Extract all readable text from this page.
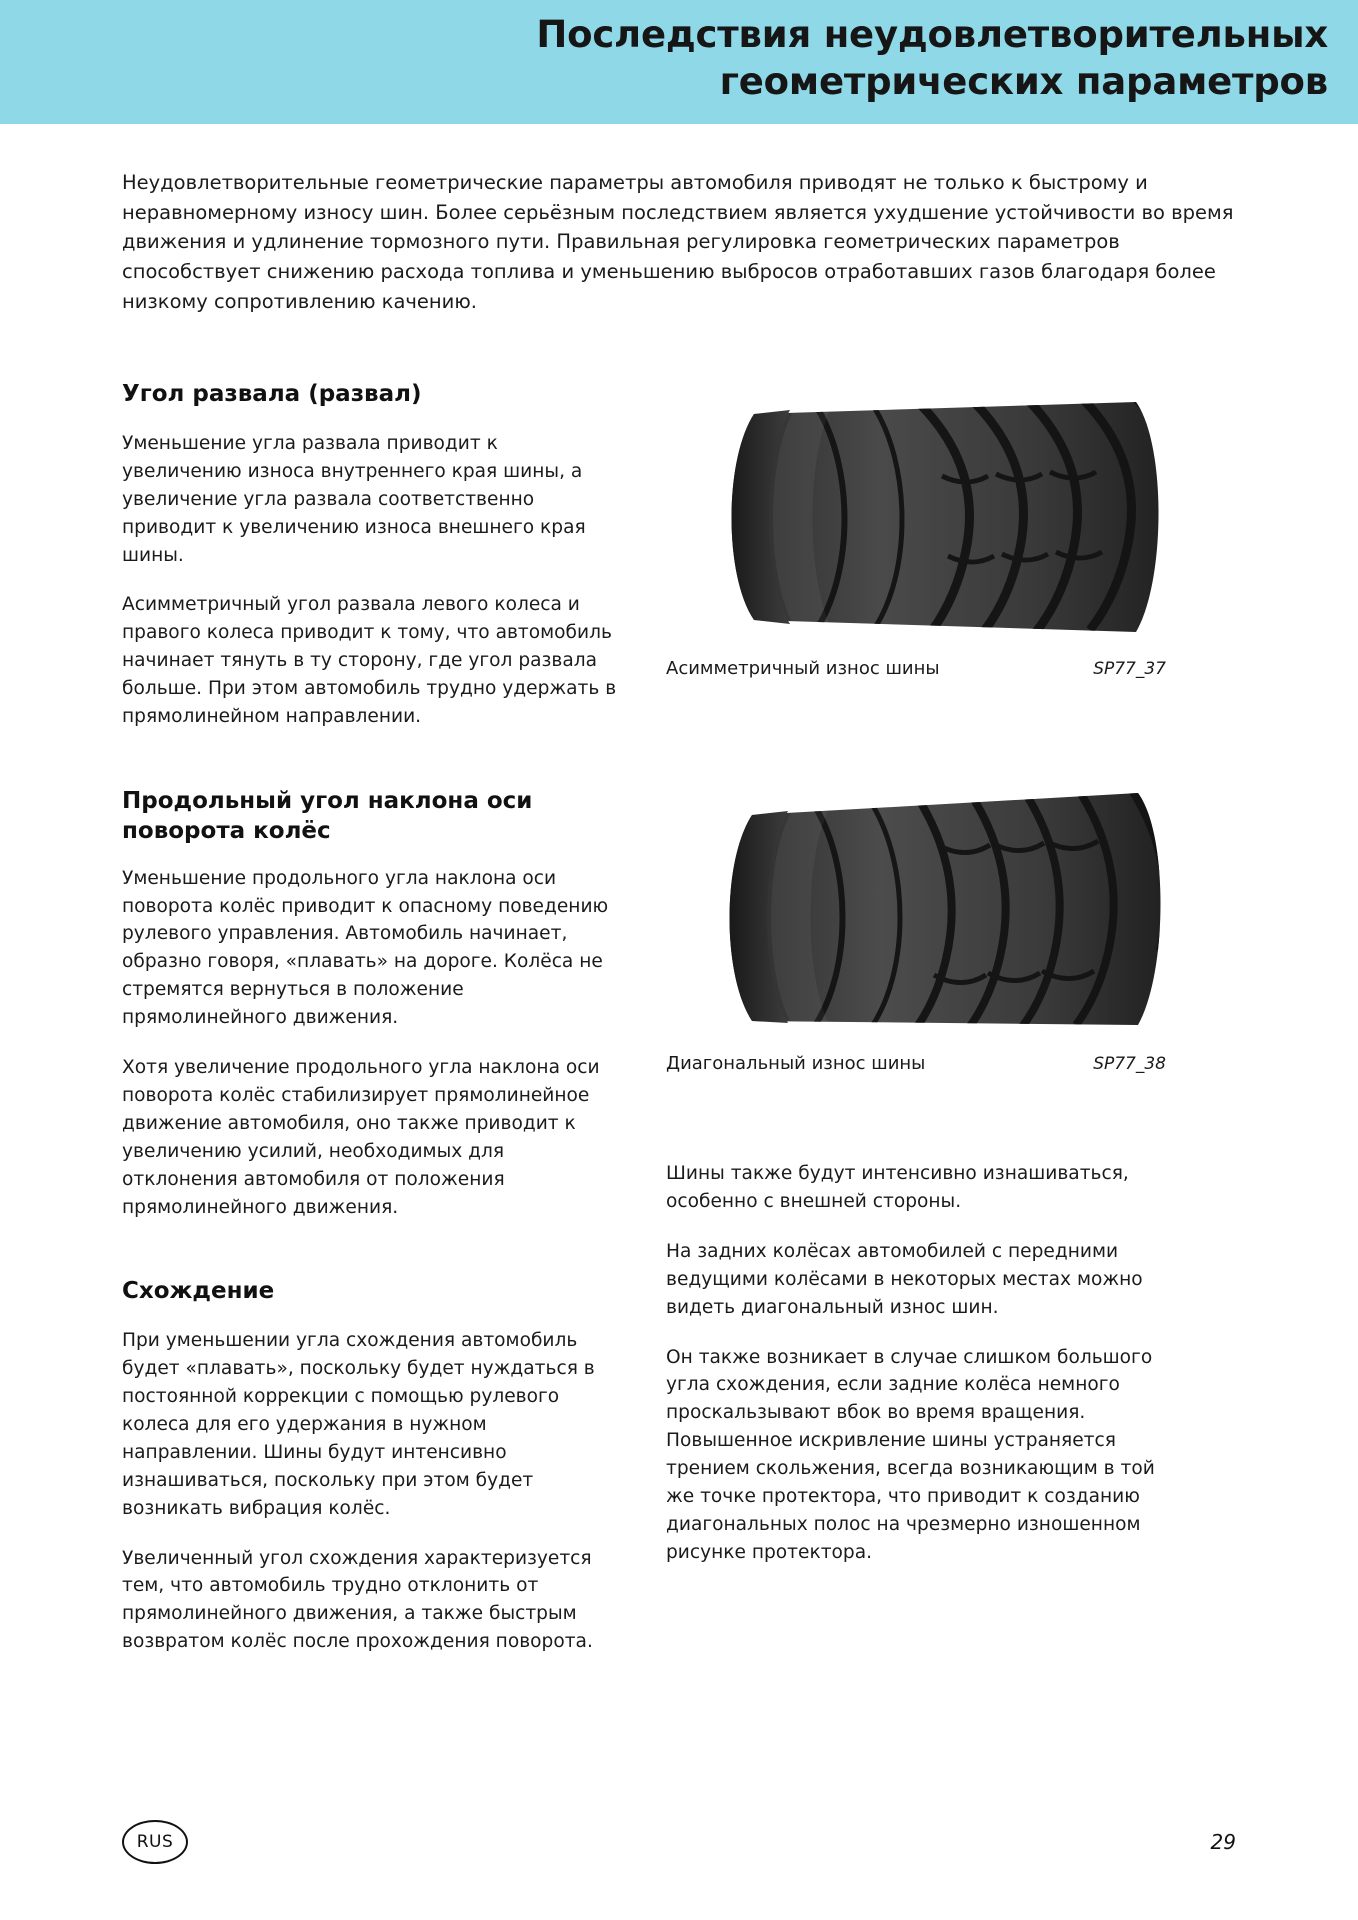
Последствия неудовлетворительных
геометрических параметров

Неудовлетворительные геометрические параметры автомобиля приводят не только к быстрому и неравномерному износу шин. Более серьёзным последствием является ухудшение устойчивости во время движения и удлинение тормозного пути. Правильная регулировка геометрических параметров способствует снижению расхода топлива и уменьшению выбросов отработавших газов благодаря более низкому сопротивлению качению.

Угол развала (развал)

Уменьшение угла развала приводит к увеличению износа внутреннего края шины, а увеличение угла развала соответственно приводит к увеличению износа внешнего края шины.

Асимметричный угол развала левого колеса и правого колеса приводит к тому, что автомобиль начинает тянуть в ту сторону, где угол развала больше. При этом автомобиль трудно удержать в прямолинейном направлении.

Продольный угол наклона оси
поворота колёс

Уменьшение продольного угла наклона оси поворота колёс приводит к опасному поведению рулевого управления. Автомобиль начинает, образно говоря, «плавать» на дороге. Колёса не стремятся вернуться в положение прямолинейного движения.

Хотя увеличение продольного угла наклона оси поворота колёс стабилизирует прямолинейное движение автомобиля, оно также приводит к увеличению усилий, необходимых для отклонения автомобиля от положения прямолинейного движения.

Схождение

При уменьшении угла схождения автомобиль будет «плавать», поскольку будет нуждаться в постоянной коррекции с помощью рулевого колеса для его удержания в нужном направлении. Шины будут интенсивно изнашиваться, поскольку при этом будет возникать вибрация колёс.

Увеличенный угол схождения характеризуется тем, что автомобиль трудно отклонить от прямолинейного движения, а также быстрым возвратом колёс после прохождения поворота.

Асимметричный износ шины	SP77_37
Диагональный износ шины	SP77_38

Шины также будут интенсивно изнашиваться, особенно с внешней стороны.

На задних колёсах автомобилей с передними ведущими колёсами в некоторых местах можно видеть диагональный износ шин.

Он также возникает в случае слишком большого угла схождения, если задние колёса немного проскальзывают вбок во время вращения. Повышенное искривление шины устраняется трением скольжения, всегда возникающим в той же точке протектора, что приводит к созданию диагональных полос на чрезмерно изношенном рисунке протектора.

RUS	29
